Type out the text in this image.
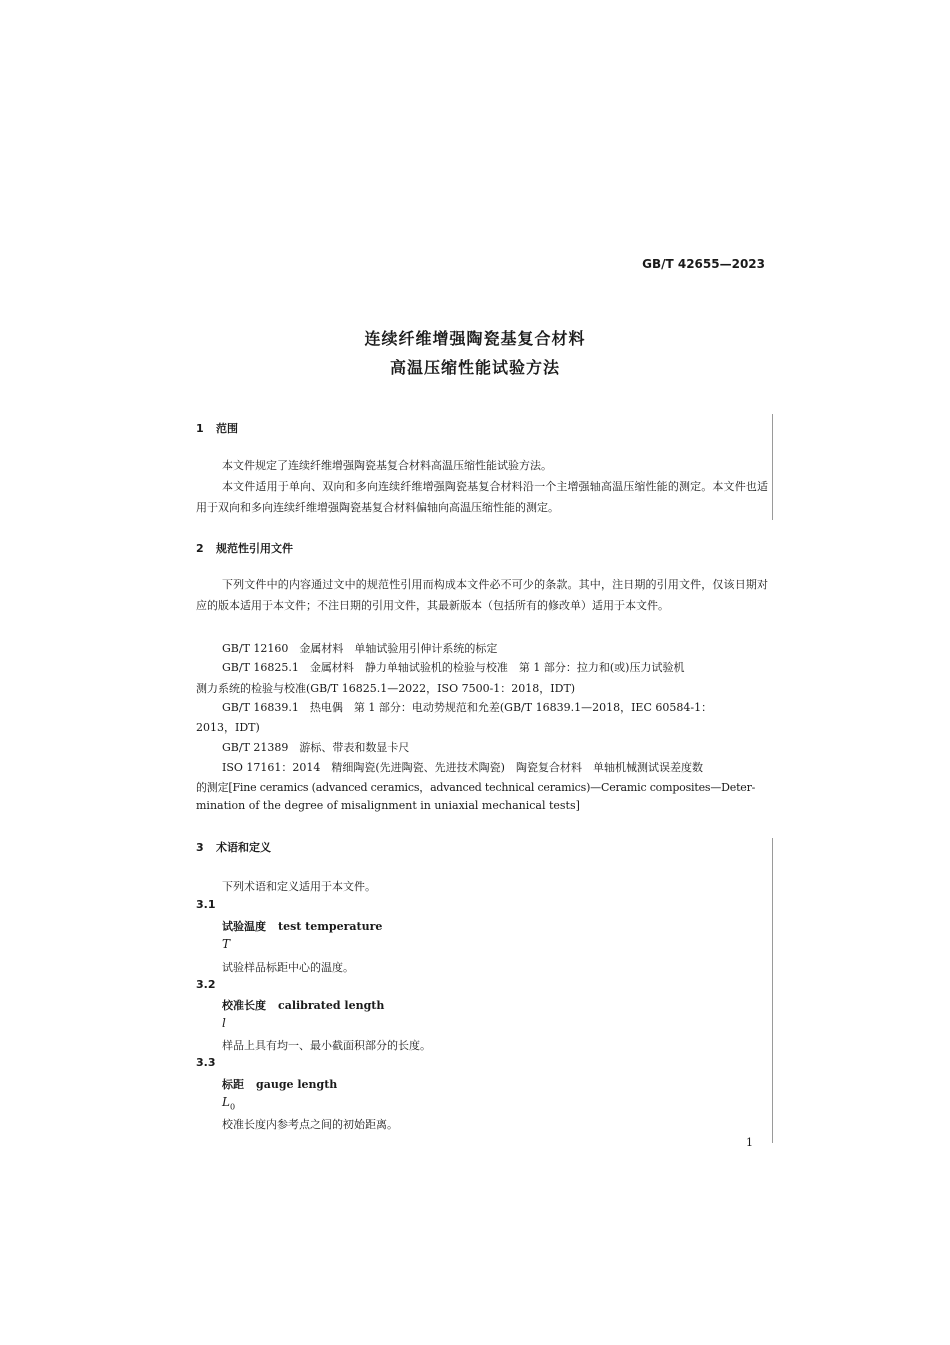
GB/T 42655—2023
连续纤维增强陶瓷基复合材料
高温压缩性能试验方法
1 范围
本文件规定了连续纤维增强陶瓷基复合材料高温压缩性能试验方法。
本文件适用于单向、双向和多向连续纤维增强陶瓷基复合材料沿一个主增强轴高温压缩性能的测定。本文件也适用于双向和多向连续纤维增强陶瓷基复合材料偏轴向高温压缩性能的测定。
2 规范性引用文件
下列文件中的内容通过文中的规范性引用而构成本文件必不可少的条款。其中，注日期的引用文件，仅该日期对应的版本适用于本文件；不注日期的引用文件，其最新版本（包括所有的修改单）适用于本文件。
GB/T 12160　金属材料　单轴试验用引伸计系统的标定
GB/T 16825.1　金属材料　静力单轴试验机的检验与校准　第 1 部分：拉力和(或)压力试验机
测力系统的检验与校准(GB/T 16825.1—2022，ISO 7500-1：2018，IDT)
GB/T 16839.1　热电偶　第 1 部分：电动势规范和允差(GB/T 16839.1—2018，IEC 60584-1：
2013，IDT)
GB/T 21389　游标、带表和数显卡尺
ISO 17161：2014　精细陶瓷(先进陶瓷、先进技术陶瓷)　陶瓷复合材料　单轴机械测试误差度数
的测定[Fine ceramics (advanced ceramics，advanced technical ceramics)—Ceramic composites—Deter-
mination of the degree of misalignment in uniaxial mechanical tests]
3 术语和定义
下列术语和定义适用于本文件。
3.1
试验温度 test temperature
T
试验样品标距中心的温度。
3.2
校准长度 calibrated length
l
样品上具有均一、最小截面积部分的长度。
3.3
标距 gauge length
$L_0$
校准长度内参考点之间的初始距离。
1
